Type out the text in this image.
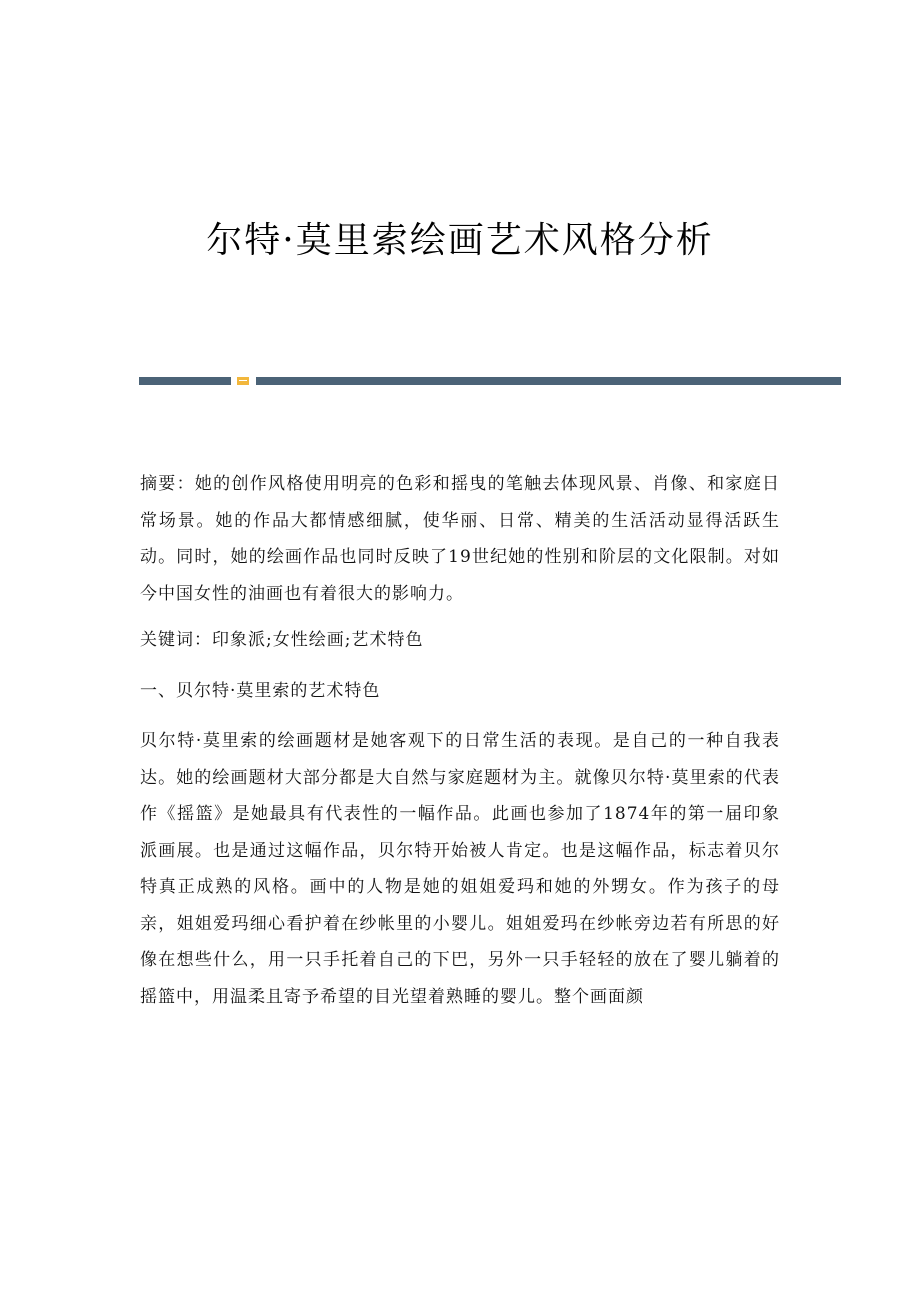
尔特·莫里索绘画艺术风格分析

摘要：她的创作风格使用明亮的色彩和摇曳的笔触去体现风景、肖像、和家庭日常场景。她的作品大都情感细腻，使华丽、日常、精美的生活活动显得活跃生动。同时，她的绘画作品也同时反映了19世纪她的性别和阶层的文化限制。对如今中国女性的油画也有着很大的影响力。

关键词：印象派;女性绘画;艺术特色

一、贝尔特·莫里索的艺术特色

贝尔特·莫里索的绘画题材是她客观下的日常生活的表现。是自己的一种自我表达。她的绘画题材大部分都是大自然与家庭题材为主。就像贝尔特·莫里索的代表作《摇篮》是她最具有代表性的一幅作品。此画也参加了1874年的第一届印象派画展。也是通过这幅作品，贝尔特开始被人肯定。也是这幅作品，标志着贝尔特真正成熟的风格。画中的人物是她的姐姐爱玛和她的外甥女。作为孩子的母亲，姐姐爱玛细心看护着在纱帐里的小婴儿。姐姐爱玛在纱帐旁边若有所思的好像在想些什么，用一只手托着自己的下巴，另外一只手轻轻的放在了婴儿躺着的摇篮中，用温柔且寄予希望的目光望着熟睡的婴儿。整个画面颜
